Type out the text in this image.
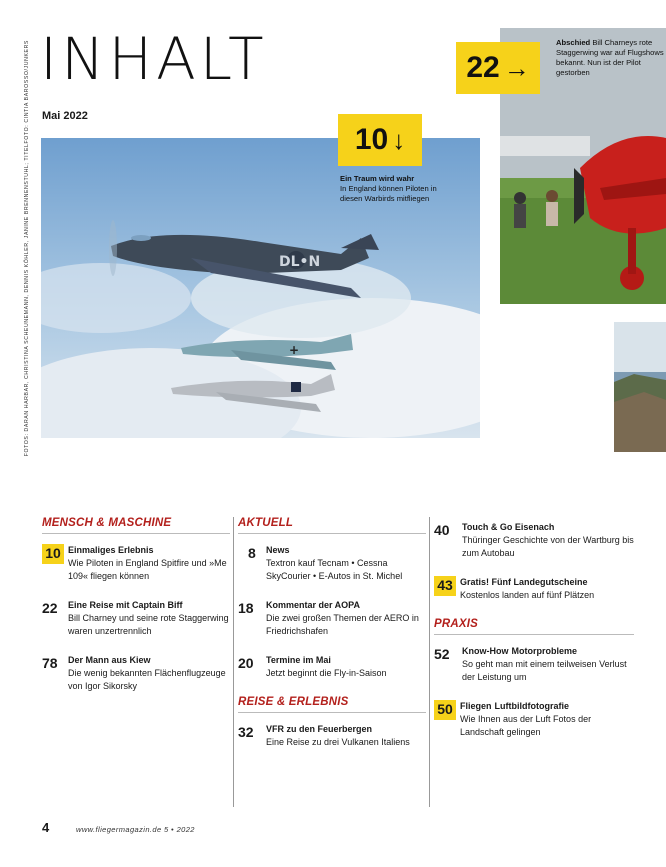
FOTOS: DARAN HARBAR, CHRISTINA SCHEUNEMANN, DENNIS KÖHLER, JANINE BRENNENSTUHL; TITELFOTO: CINTIA BAROSSO/JUNKERS INHALT
Mai 2022
DL•N
+
22 →
Abschied Bill Charneys rote Staggerwing war auf Flugshows bekannt. Nun ist der Pilot gestorben
10 ↓
Ein Traum wird wahr
In England können Piloten in diesen Warbirds mitfliegen
MENSCH & MASCHINE
10 Einmaliges Erlebnis
Wie Piloten in England Spitfire und »Me 109« fliegen können
22	Eine Reise mit Captain Biff
Bill Charney und seine rote Staggerwing waren unzertrennlich
78	Der Mann aus Kiew
Die wenig bekannten Flächenflugzeuge von Igor Sikorsky
AKTUELL
8	News
Textron kauf Tecnam • Cessna SkyCourier • E-Autos in St. Michel
18	Kommentar der AOPA
Die zwei großen Themen der AERO in Friedrichshafen
20	Termine im Mai
Jetzt beginnt die Fly-in-Saison
REISE & ERLEBNIS
32	VFR zu den Feuerbergen
Eine Reise zu drei Vulkanen Italiens
40	Touch & Go Eisenach
Thüringer Geschichte von der Wartburg bis zum Autobau
43 Gratis! Fünf Landegutscheine
Kostenlos landen auf fünf Plätzen
PRAXIS
52	Know-How Motorprobleme
So geht man mit einem teilweisen Verlust der Leistung um
50 Fliegen Luftbildfotografie
Wie Ihnen aus der Luft Fotos der Landschaft gelingen
4	www.fliegermagazin.de 5 • 2022
